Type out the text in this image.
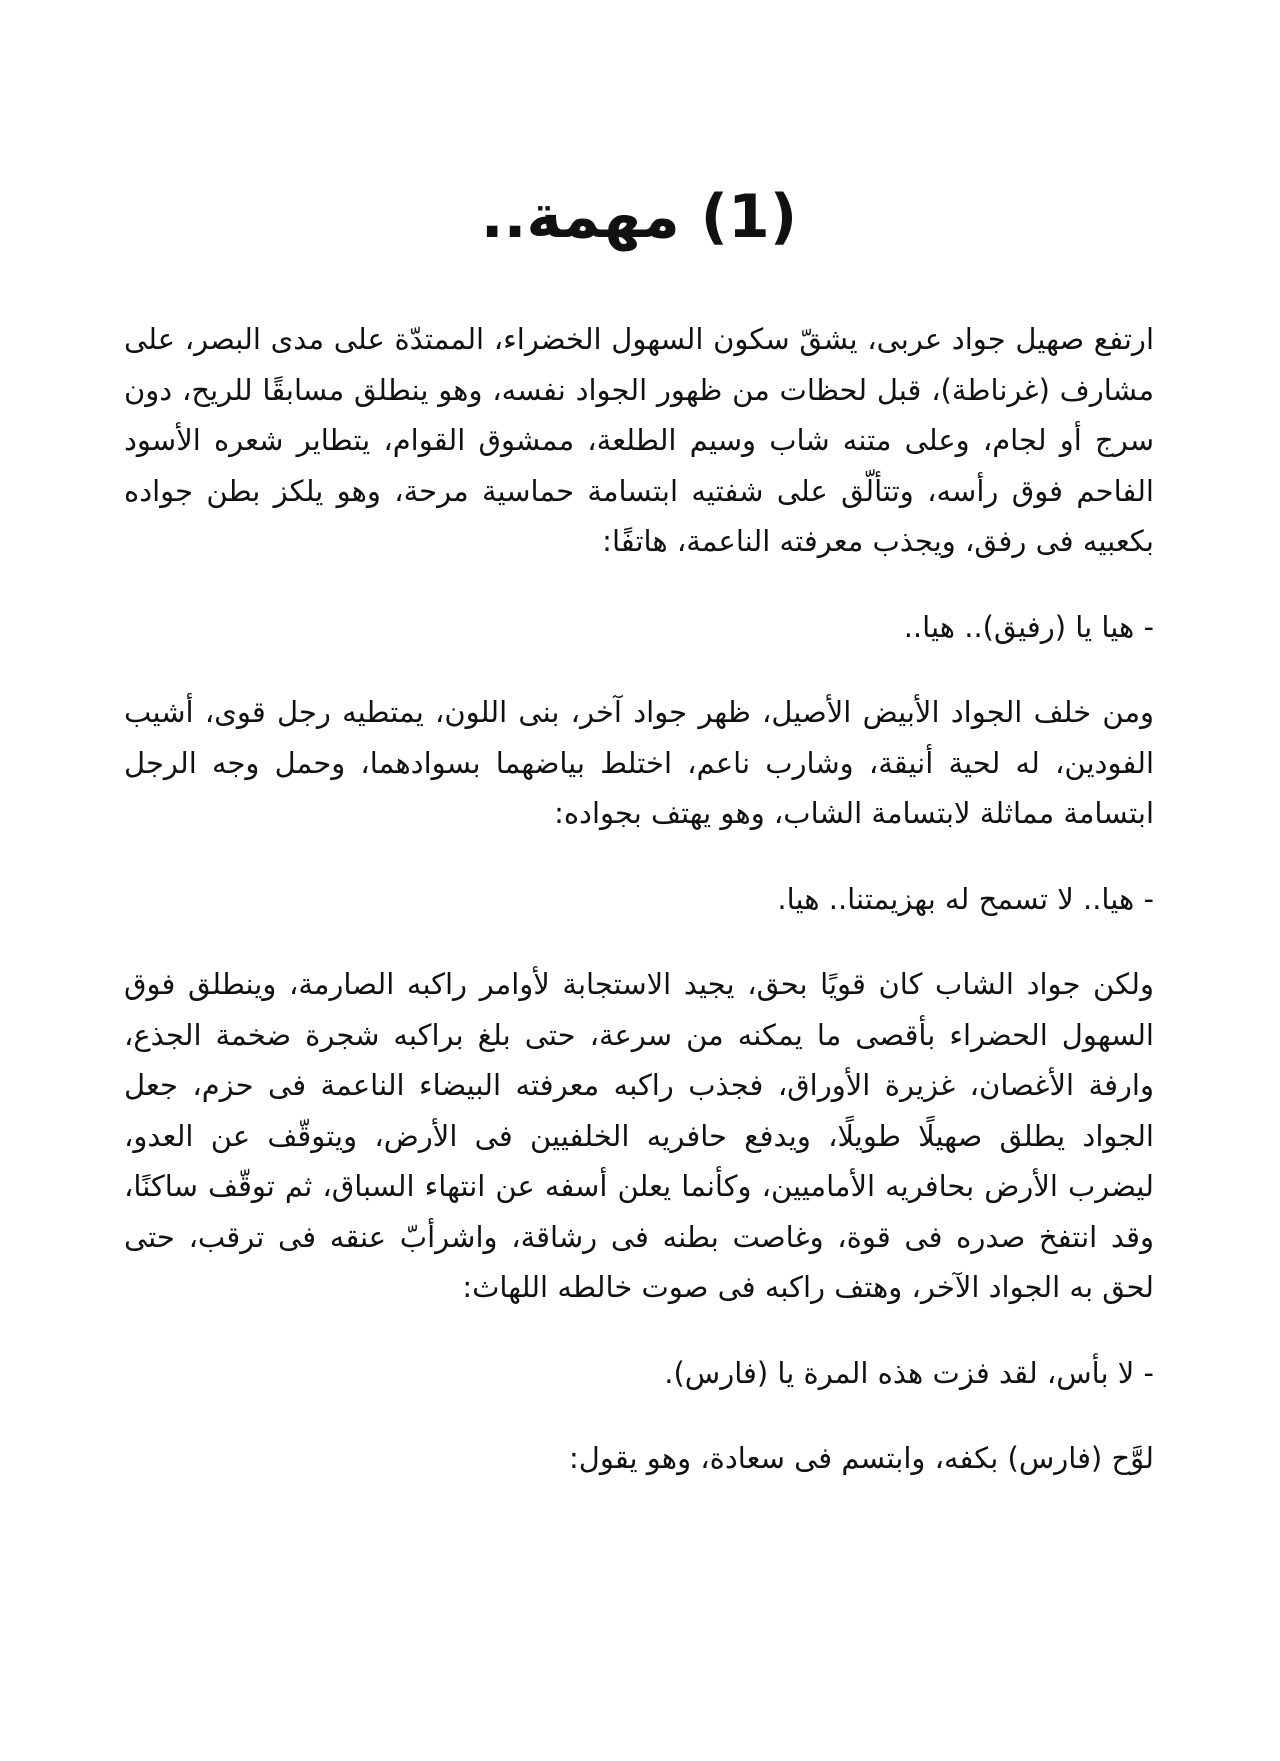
(1) مهمة..

ارتفع صهيل جواد عربى، يشقّ سكون السهول الخضراء، الممتدّة على مدى البصر، على مشارف (غرناطة)، قبل لحظات من ظهور الجواد نفسه، وهو ينطلق مسابقًا للريح، دون سرج أو لجام، وعلى متنه شاب وسيم الطلعة، ممشوق القوام، يتطاير شعره الأسود الفاحم فوق رأسه، وتتألّق على شفتيه ابتسامة حماسية مرحة، وهو يلكز بطن جواده بكعبيه فى رفق، ويجذب معرفته الناعمة، هاتفًا:

- هيا يا (رفيق).. هيا..

ومن خلف الجواد الأبيض الأصيل، ظهر جواد آخر، بنى اللون، يمتطيه رجل قوى، أشيب الفودين، له لحية أنيقة، وشارب ناعم، اختلط بياضهما بسوادهما، وحمل وجه الرجل ابتسامة مماثلة لابتسامة الشاب، وهو يهتف بجواده:

- هيا.. لا تسمح له بهزيمتنا.. هيا.

ولكن جواد الشاب كان قويًا بحق، يجيد الاستجابة لأوامر راكبه الصارمة، وينطلق فوق السهول الحضراء بأقصى ما يمكنه من سرعة، حتى بلغ براكبه شجرة ضخمة الجذع، وارفة الأغصان، غزيرة الأوراق، فجذب راكبه معرفته البيضاء الناعمة فى حزم، جعل الجواد يطلق صهيلًا طويلًا، ويدفع حافريه الخلفيين فى الأرض، ويتوقّف عن العدو، ليضرب الأرض بحافريه الأماميين، وكأنما يعلن أسفه عن انتهاء السباق، ثم توقّف ساكنًا، وقد انتفخ صدره فى قوة، وغاصت بطنه فى رشاقة، واشرأبّ عنقه فى ترقب، حتى لحق به الجواد الآخر، وهتف راكبه فى صوت خالطه اللهاث:

- لا بأس، لقد فزت هذه المرة يا (فارس).

لوَّح (فارس) بكفه، وابتسم فى سعادة، وهو يقول:
